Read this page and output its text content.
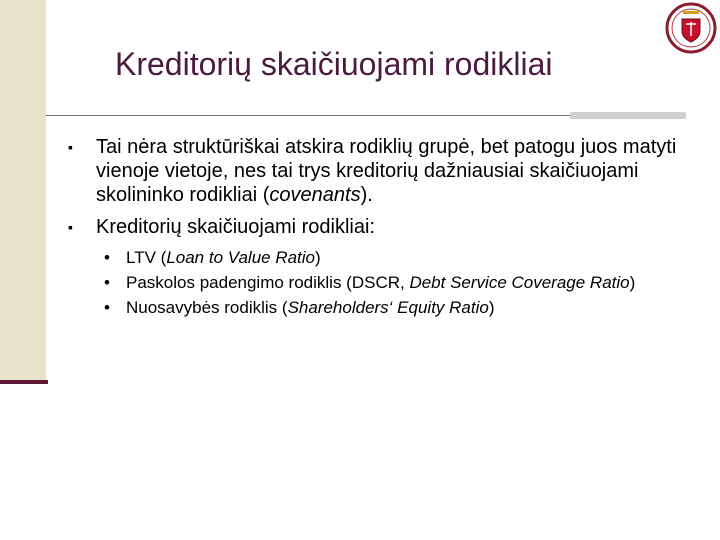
Kreditorių skaičiuojami rodikliai
▪ Tai nėra struktūriškai atskira rodiklių grupė, bet patogu juos matyti vienoje vietoje, nes tai trys kreditorių dažniausiai skaičiuojami skolininko rodikliai (covenants).
▪ Kreditorių skaičiuojami rodikliai:
• LTV (Loan to Value Ratio)
• Paskolos padengimo rodiklis (DSCR, Debt Service Coverage Ratio)
• Nuosavybės rodiklis (Shareholders‘ Equity Ratio)
